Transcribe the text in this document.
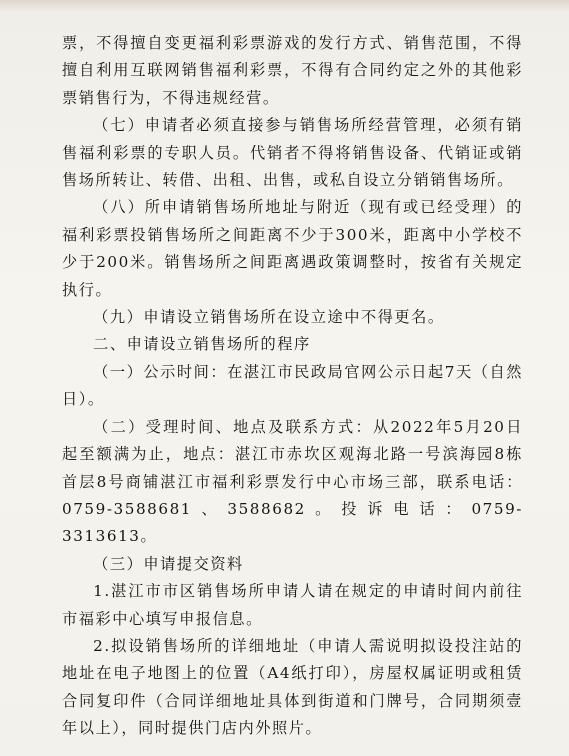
票，不得擅自变更福利彩票游戏的发行方式、销售范围，不得擅自利用互联网销售福利彩票，不得有合同约定之外的其他彩票销售行为，不得违规经营。

（七）申请者必须直接参与销售场所经营管理，必须有销售福利彩票的专职人员。代销者不得将销售设备、代销证或销售场所转让、转借、出租、出售，或私自设立分销销售场所。

（八）所申请销售场所地址与附近（现有或已经受理）的福利彩票投销售场所之间距离不少于300米，距离中小学校不少于200米。销售场所之间距离遇政策调整时，按省有关规定执行。

（九）申请设立销售场所在设立途中不得更名。

二、申请设立销售场所的程序

（一）公示时间：在湛江市民政局官网公示日起7天（自然日）。

（二）受理时间、地点及联系方式：从2022年5月20日起至额满为止，地点：湛江市赤坎区观海北路一号滨海园8栋首层8号商铺湛江市福利彩票发行中心市场三部，联系电话：0759-3588681、3588682。投诉电话：0759-3313613。

（三）申请提交资料

1.湛江市市区销售场所申请人请在规定的申请时间内前往市福彩中心填写申报信息。

2.拟设销售场所的详细地址（申请人需说明拟设投注站的地址在电子地图上的位置（A4纸打印），房屋权属证明或租赁合同复印件（合同详细地址具体到街道和门牌号，合同期须壹年以上），同时提供门店内外照片。
